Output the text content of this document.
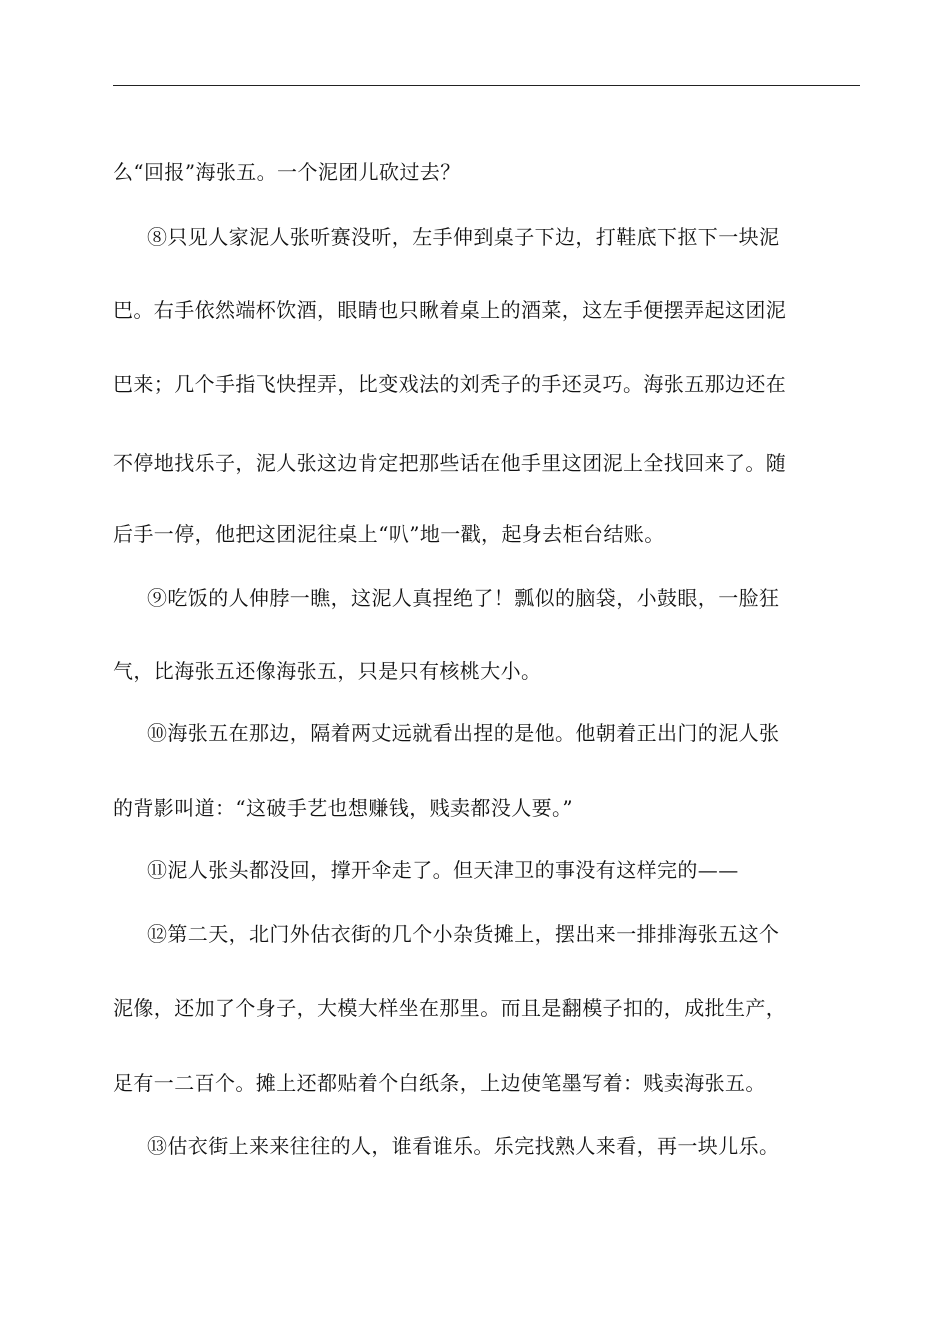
么“回报”海张五。一个泥团儿砍过去？
⑧只见人家泥人张听赛没听，左手伸到桌子下边，打鞋底下抠下一块泥
巴。右手依然端杯饮酒，眼睛也只瞅着桌上的酒菜，这左手便摆弄起这团泥
巴来；几个手指飞快捏弄，比变戏法的刘秃子的手还灵巧。海张五那边还在
不停地找乐子，泥人张这边肯定把那些话在他手里这团泥上全找回来了。随
后手一停，他把这团泥往桌上“叭”地一戳，起身去柜台结账。
⑨吃饭的人伸脖一瞧，这泥人真捏绝了！瓢似的脑袋，小鼓眼，一脸狂
气，比海张五还像海张五，只是只有核桃大小。
⑩海张五在那边，隔着两丈远就看出捏的是他。他朝着正出门的泥人张
的背影叫道：“这破手艺也想赚钱，贱卖都没人要。”
⑪泥人张头都没回，撑开伞走了。但天津卫的事没有这样完的——
⑫第二天，北门外估衣街的几个小杂货摊上，摆出来一排排海张五这个
泥像，还加了个身子，大模大样坐在那里。而且是翻模子扣的，成批生产，
足有一二百个。摊上还都贴着个白纸条，上边使笔墨写着：贱卖海张五。
⑬估衣街上来来往往的人，谁看谁乐。乐完找熟人来看，再一块儿乐。
